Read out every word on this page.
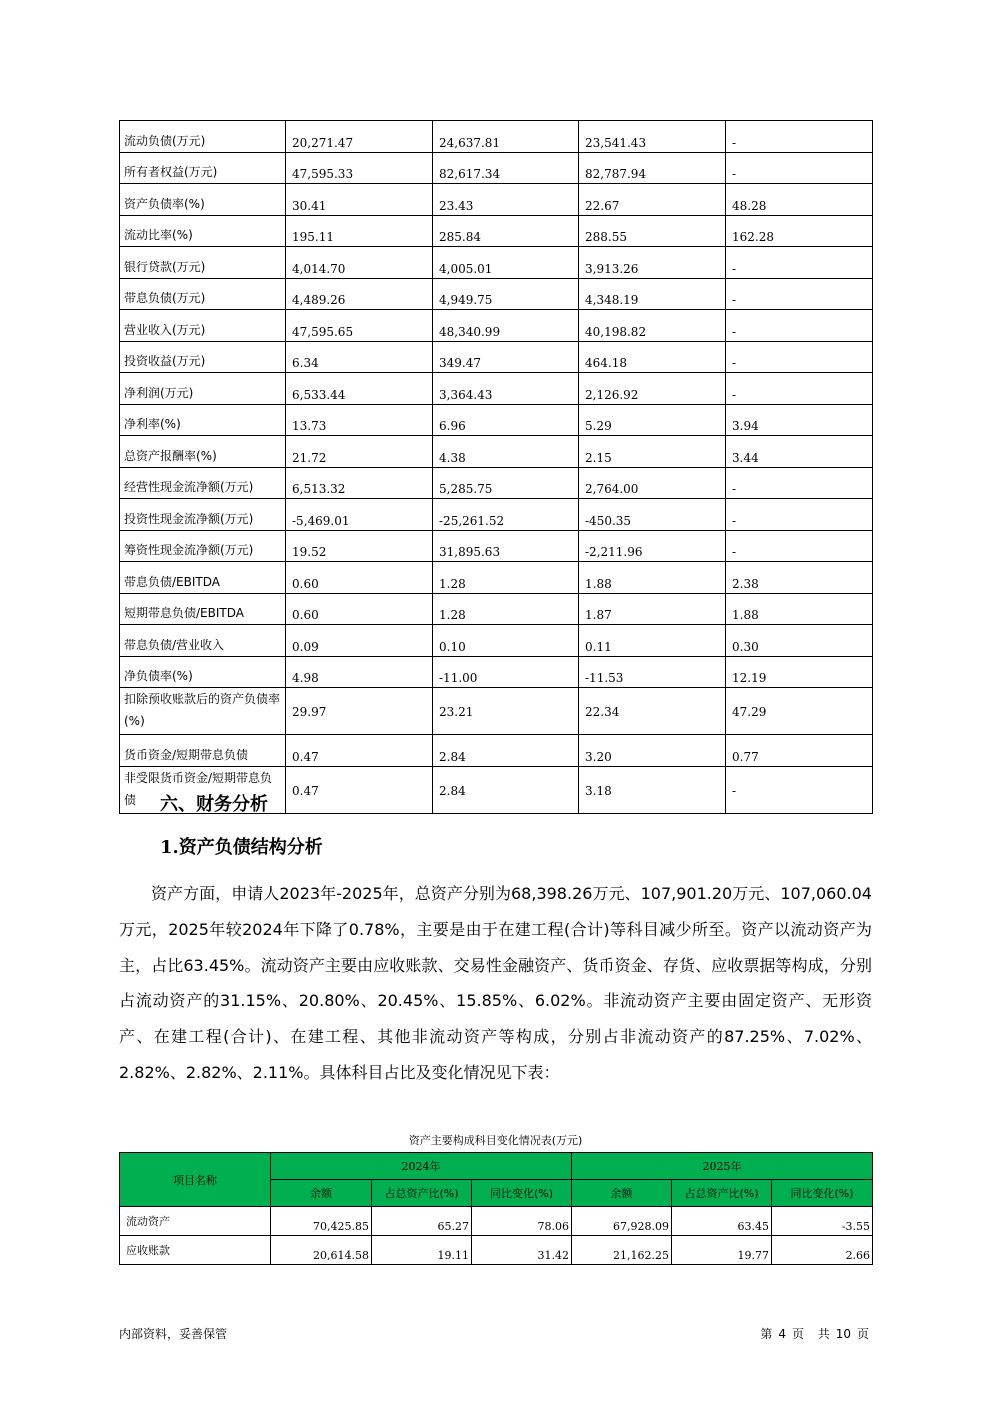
流动负债(万元)	20,271.47	24,637.81	23,541.43	-
所有者权益(万元)	47,595.33	82,617.34	82,787.94	-
资产负债率(%)	30.41	23.43	22.67	48.28
流动比率(%)	195.11	285.84	288.55	162.28
银行贷款(万元)	4,014.70	4,005.01	3,913.26	-
带息负债(万元)	4,489.26	4,949.75	4,348.19	-
营业收入(万元)	47,595.65	48,340.99	40,198.82	-
投资收益(万元)	6.34	349.47	464.18	-
净利润(万元)	6,533.44	3,364.43	2,126.92	-
净利率(%)	13.73	6.96	5.29	3.94
总资产报酬率(%)	21.72	4.38	2.15	3.44
经营性现金流净额(万元)	6,513.32	5,285.75	2,764.00	-
投资性现金流净额(万元)	-5,469.01	-25,261.52	-450.35	-
筹资性现金流净额(万元)	19.52	31,895.63	-2,211.96	-
带息负债/EBITDA	0.60	1.28	1.88	2.38
短期带息负债/EBITDA	0.60	1.28	1.87	1.88
带息负债/营业收入	0.09	0.10	0.11	0.30
净负债率(%)	4.98	-11.00	-11.53	12.19
扣除预收账款后的资产负债率(%)	29.97	23.21	22.34	47.29
货币资金/短期带息负债	0.47	2.84	3.20	0.77
非受限货币资金/短期带息负债	0.47	2.84	3.18	-
六、财务分析
1.资产负债结构分析

资产方面，申请人2023年-2025年，总资产分别为68,398.26万元、107,901.20万元、107,060.04万元，2025年较2024年下降了0.78%，主要是由于在建工程(合计)等科目减少所至。资产以流动资产为主，占比63.45%。流动资产主要由应收账款、交易性金融资产、货币资金、存货、应收票据等构成，分别占流动资产的31.15%、20.80%、20.45%、15.85%、6.02%。非流动资产主要由固定资产、无形资产、在建工程(合计)、在建工程、其他非流动资产等构成，分别占非流动资产的87.25%、7.02%、2.82%、2.82%、2.11%。具体科目占比及变化情况见下表：

资产主要构成科目变化情况表(万元)

项目名称	2024年			2025年		
	余额	占总资产比(%)	同比变化(%)	余额	占总资产比(%)	同比变化(%)
流动资产	70,425.85	65.27	78.06	67,928.09	63.45	-3.55
应收账款	20,614.58	19.11	31.42	21,162.25	19.77	2.66

内部资料，妥善保管	第 4 页 共 10 页
